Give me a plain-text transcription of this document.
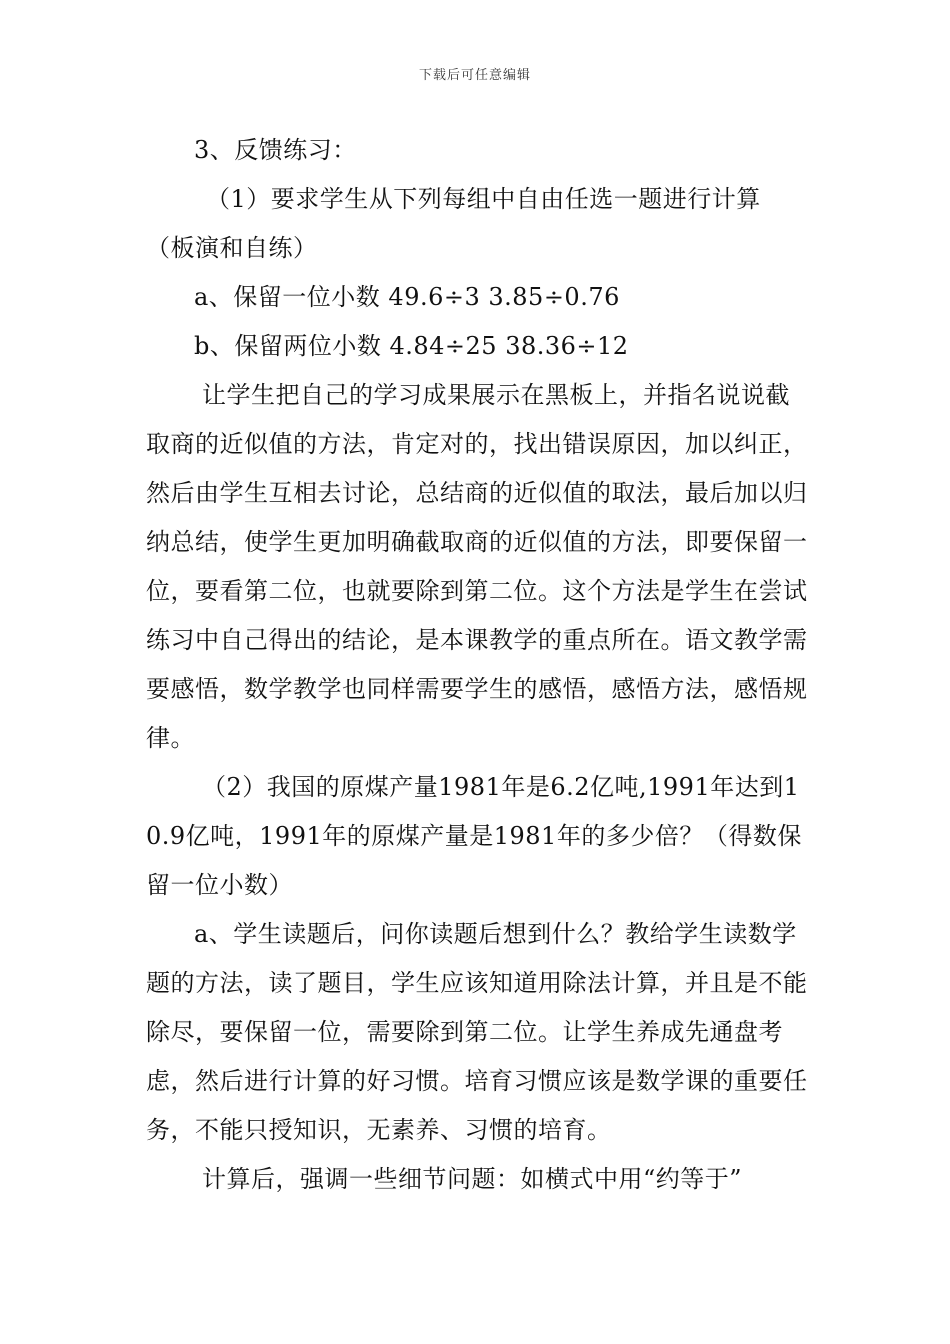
下载后可任意编辑

3、反馈练习：

（1）要求学生从下列每组中自由任选一题进行计算（板演和自练）

a、保留一位小数 49.6÷3 3.85÷0.76

b、保留两位小数 4.84÷25 38.36÷12

让学生把自己的学习成果展示在黑板上，并指名说说截取商的近似值的方法，肯定对的，找出错误原因，加以纠正，然后由学生互相去讨论，总结商的近似值的取法，最后加以归纳总结，使学生更加明确截取商的近似值的方法，即要保留一位，要看第二位，也就要除到第二位。这个方法是学生在尝试练习中自己得出的结论，是本课教学的重点所在。语文教学需要感悟，数学教学也同样需要学生的感悟，感悟方法，感悟规律。

（2）我国的原煤产量1981年是6.2亿吨,1991年达到10.9亿吨，1991年的原煤产量是1981年的多少倍？（得数保留一位小数）

a、学生读题后，问你读题后想到什么？教给学生读数学题的方法，读了题目，学生应该知道用除法计算，并且是不能除尽，要保留一位，需要除到第二位。让学生养成先通盘考虑，然后进行计算的好习惯。培育习惯应该是数学课的重要任务，不能只授知识，无素养、习惯的培育。

计算后，强调一些细节问题：如横式中用“约等于”
